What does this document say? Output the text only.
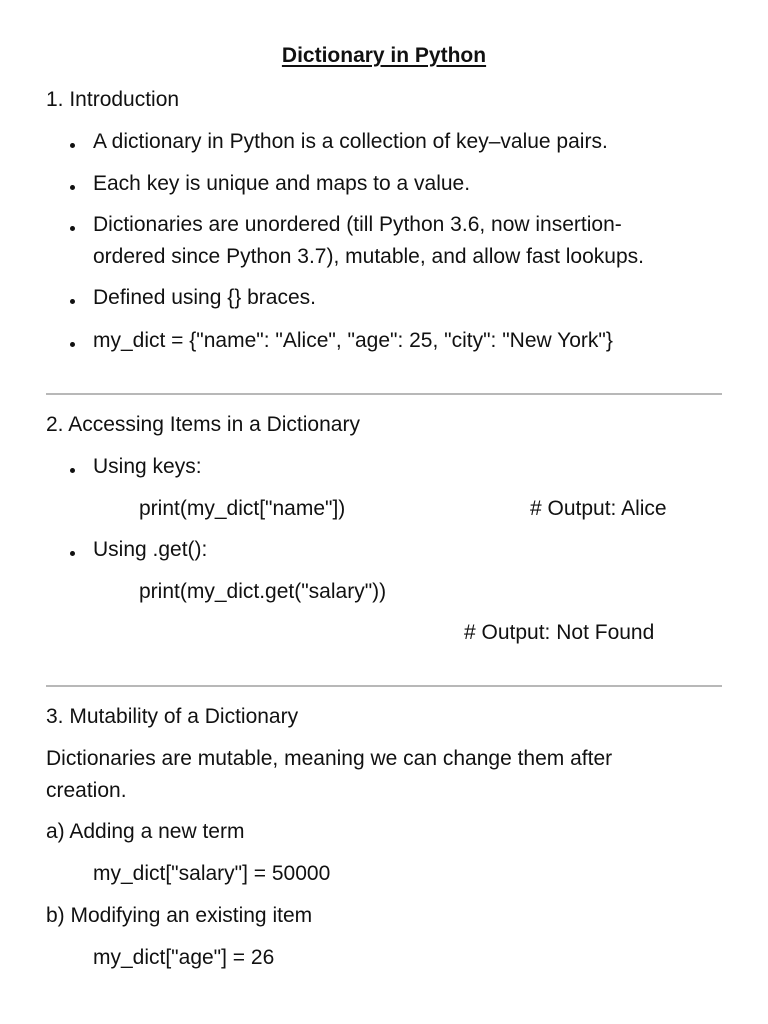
Dictionary in Python
1. Introduction
A dictionary in Python is a collection of key–value pairs.
Each key is unique and maps to a value.
Dictionaries are unordered (till Python 3.6, now insertion-
ordered since Python 3.7), mutable, and allow fast lookups.
Defined using {} braces.
my_dict = {"name": "Alice", "age": 25, "city": "New York"}
2. Accessing Items in a Dictionary
Using keys:
print(my_dict["name"])	# Output: Alice
Using .get():
print(my_dict.get("salary"))
# Output: Not Found
3. Mutability of a Dictionary
Dictionaries are mutable, meaning we can change them after
creation.
a) Adding a new term
my_dict["salary"] = 50000
b) Modifying an existing item
my_dict["age"] = 26
